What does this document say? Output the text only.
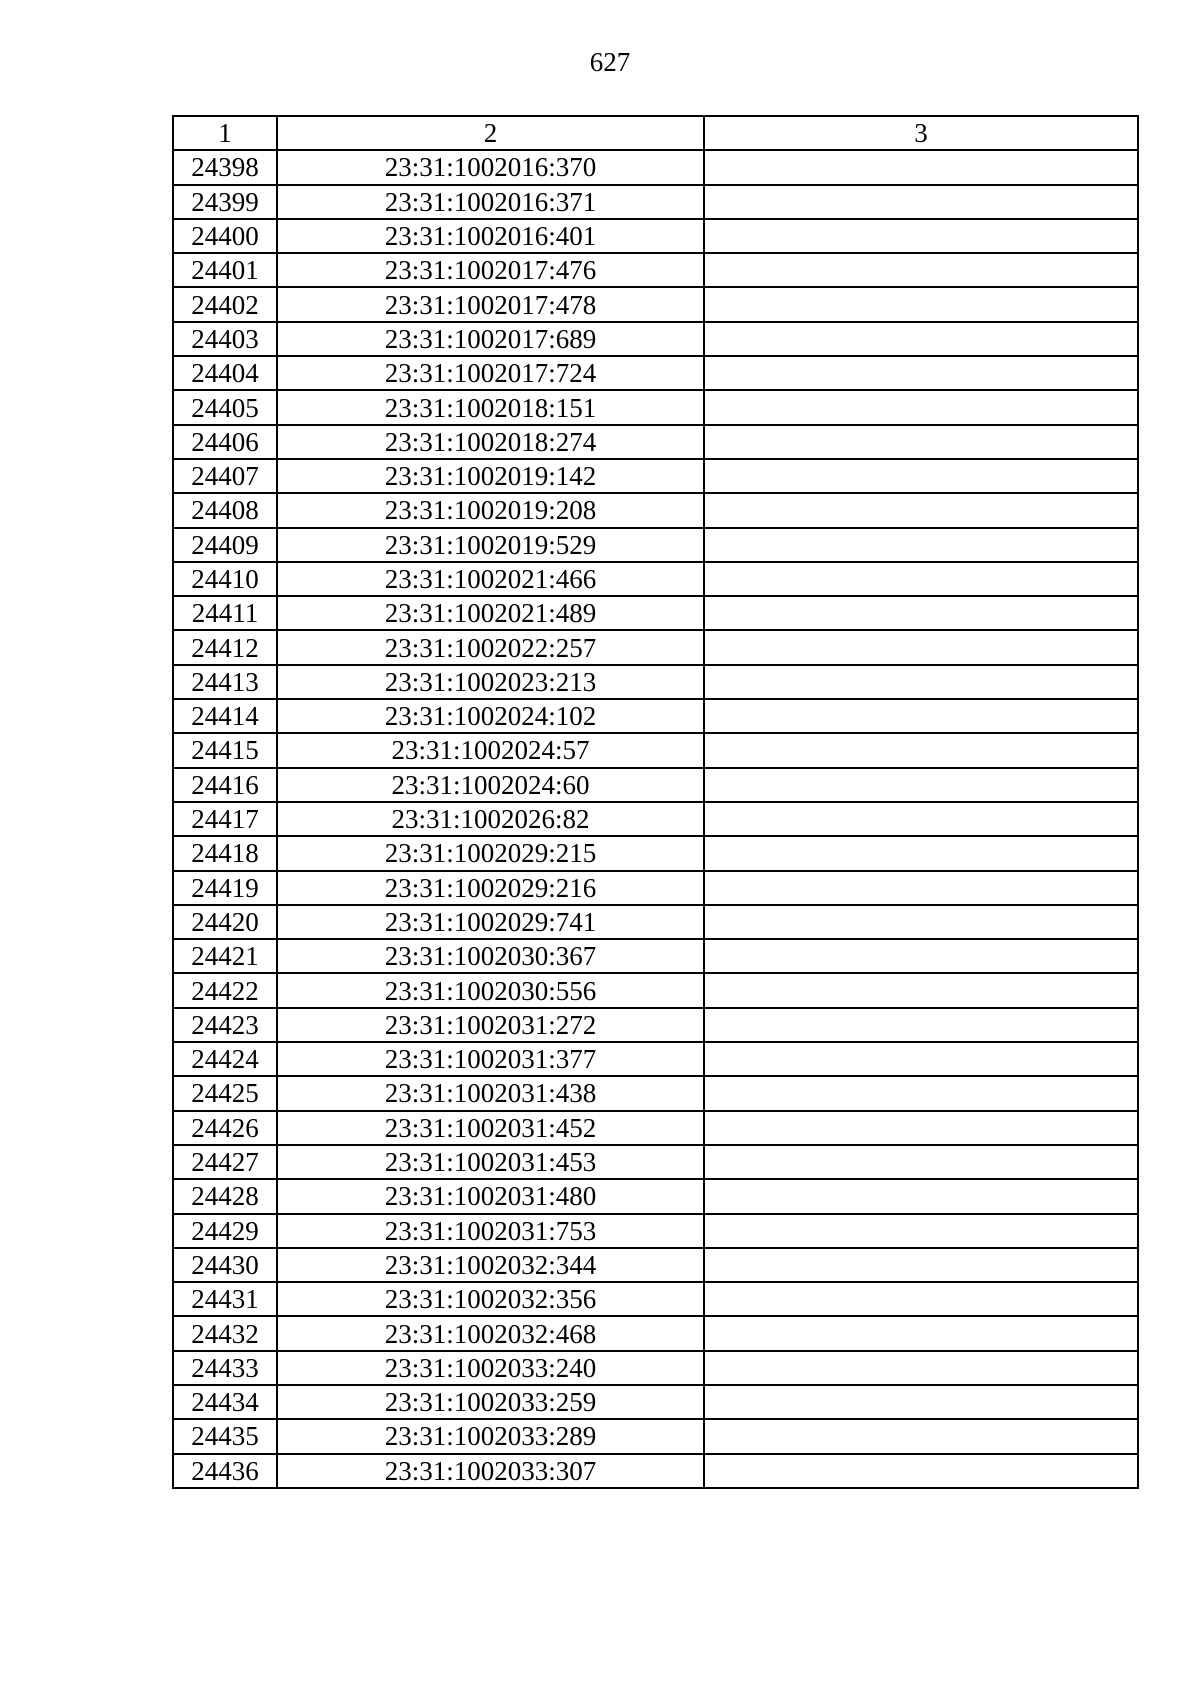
627
1	2	3
24398	23:31:1002016:370	
24399	23:31:1002016:371	
24400	23:31:1002016:401	
24401	23:31:1002017:476	
24402	23:31:1002017:478	
24403	23:31:1002017:689	
24404	23:31:1002017:724	
24405	23:31:1002018:151	
24406	23:31:1002018:274	
24407	23:31:1002019:142	
24408	23:31:1002019:208	
24409	23:31:1002019:529	
24410	23:31:1002021:466	
24411	23:31:1002021:489	
24412	23:31:1002022:257	
24413	23:31:1002023:213	
24414	23:31:1002024:102	
24415	23:31:1002024:57	
24416	23:31:1002024:60	
24417	23:31:1002026:82	
24418	23:31:1002029:215	
24419	23:31:1002029:216	
24420	23:31:1002029:741	
24421	23:31:1002030:367	
24422	23:31:1002030:556	
24423	23:31:1002031:272	
24424	23:31:1002031:377	
24425	23:31:1002031:438	
24426	23:31:1002031:452	
24427	23:31:1002031:453	
24428	23:31:1002031:480	
24429	23:31:1002031:753	
24430	23:31:1002032:344	
24431	23:31:1002032:356	
24432	23:31:1002032:468	
24433	23:31:1002033:240	
24434	23:31:1002033:259	
24435	23:31:1002033:289	
24436	23:31:1002033:307	
